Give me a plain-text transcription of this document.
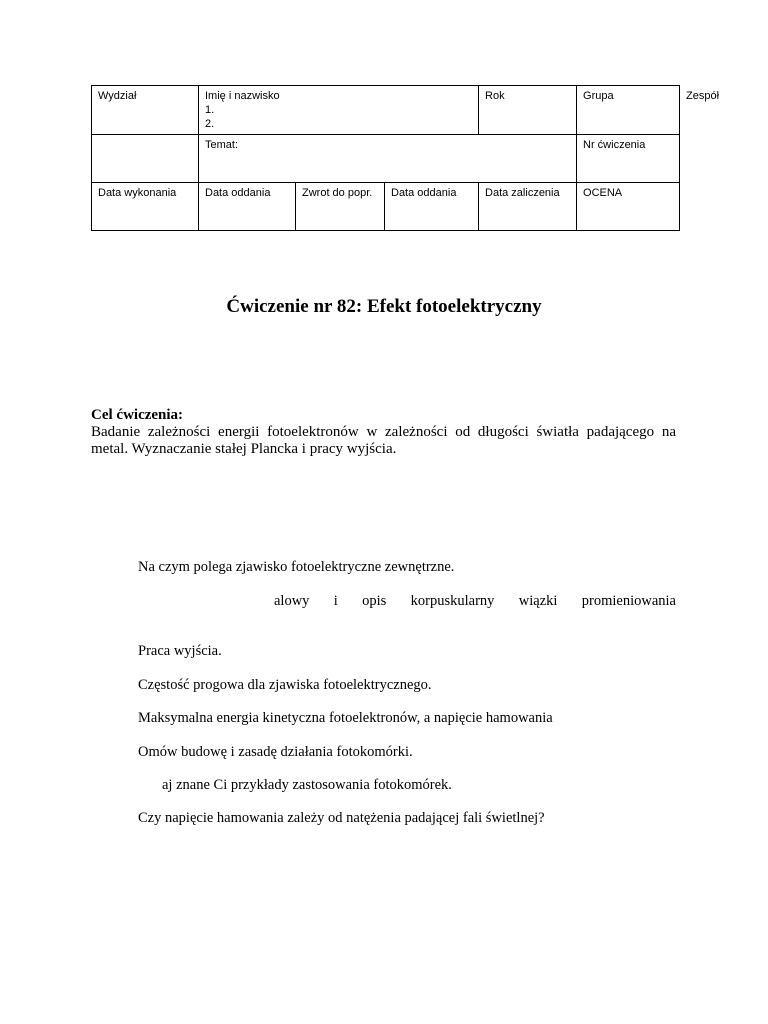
Wydział	Imię i nazwisko
1.
2.			Rok	Grupa	Zespół
	Temat:				Nr ćwiczenia	
Data wykonania	Data oddania	Zwrot do popr.	Data oddania	Data zaliczenia	OCENA	
Ćwiczenie nr 82: Efekt fotoelektryczny
Cel ćwiczenia:
Badanie zależności energii fotoelektronów w zależności od długości światła padającego na metal. Wyznaczanie stałej Plancka i pracy wyjścia.
Na czym polega zjawisko fotoelektryczne zewnętrzne.
alowy i opis korpuskularny wiązki promieniowania
Praca wyjścia.
Częstość progowa dla zjawiska fotoelektrycznego.
Maksymalna energia kinetyczna fotoelektronów, a napięcie hamowania
Omów budowę i zasadę działania fotokomórki.
aj znane Ci przykłady zastosowania fotokomórek.
Czy napięcie hamowania zależy od natężenia padającej fali świetlnej?
